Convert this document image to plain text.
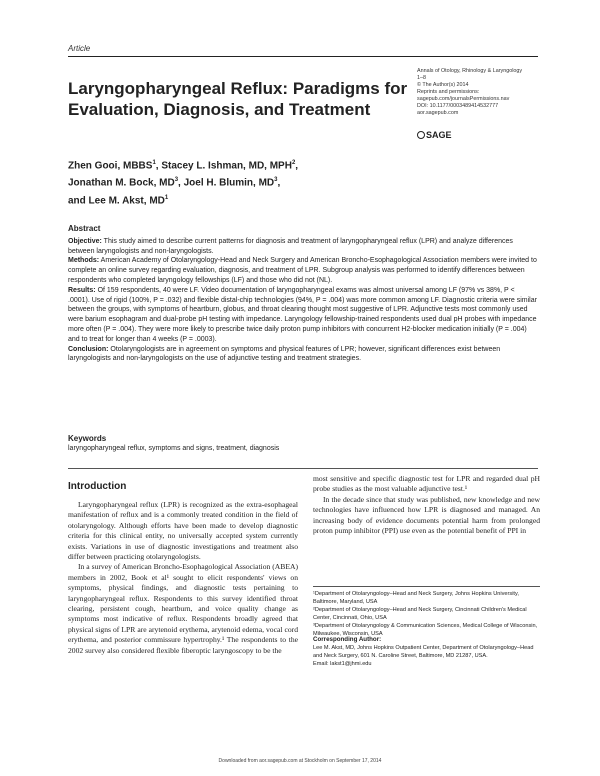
Article
Laryngopharyngeal Reflux: Paradigms for Evaluation, Diagnosis, and Treatment
Annals of Otology, Rhinology & Laryngology
1–8
© The Author(s) 2014
Reprints and permissions:
sagepub.com/journalsPermissions.nav
DOI: 10.1177/0003489414532777
aor.sagepub.com
SAGE
Zhen Gooi, MBBS$^1$, Stacey L. Ishman, MD, MPH$^2$,
Jonathan M. Bock, $MD^3$, Joel H. Blumin, $MD^3$,
and Lee M. Akst, $MD^1$
Abstract

Objective: This study aimed to describe current patterns for diagnosis and treatment of laryngopharyngeal reflux (LPR) and analyze differences between laryngologists and non-laryngologists.

Methods: American Academy of Otolaryngology-Head and Neck Surgery and American Broncho-Esophagological Association members were invited to complete an online survey regarding evaluation, diagnosis, and treatment of LPR. Subgroup analysis was performed to identify differences between respondents who completed laryngology fellowships (LF) and those who did not (NL).

Results: Of 159 respondents, 40 were LF. Video documentation of laryngopharyngeal exams was almost universal among LF (97% vs 38%, P < .0001). Use of rigid (100%, P = .032) and flexible distal-chip technologies (94%, P = .004) was more common among LF. Diagnostic criteria were similar between the groups, with symptoms of heartburn, globus, and throat clearing thought most suggestive of LPR. Adjunctive tests most commonly used were barium esophagram and dual-probe pH testing with impedance. Laryngology fellowship-trained respondents used dual pH probes with impedance more often (P = .004). They were more likely to prescribe twice daily proton pump inhibitors with concurrent H2-blocker medication initially (P = .004) and to treat for longer than 4 weeks (P = .0003).

Conclusion: Otolaryngologists are in agreement on symptoms and physical features of LPR; however, significant differences exist between laryngologists and non-laryngologists on the use of adjunctive testing and treatment strategies.

Keywords
laryngopharyngeal reflux, symptoms and signs, treatment, diagnosis
Introduction

Laryngopharyngeal reflux (LPR) is recognized as the extra-esophageal manifestation of reflux and is a commonly treated condition in the field of otolaryngology. Although efforts have been made to develop diagnostic criteria for this clinical entity, no universally accepted system currently exists. Variations in use of diagnostic investigations and treatment also differ between practicing otolaryngologists.

In a survey of American Broncho-Esophagological Association (ABEA) members in 2002, Book et al¹ sought to elicit respondents' views on symptoms, physical findings, and diagnostic tests pertaining to laryngopharyngeal reflux. Respondents to this survey identified throat clearing, persistent cough, heartburn, and voice quality change as symptoms most indicative of reflux. Respondents broadly agreed that physical signs of LPR are arytenoid erythema, arytenoid edema, vocal cord erythema, and posterior commissure hypertrophy.¹ The respondents to the 2002 survey also considered flexible fiberoptic laryngoscopy to be the

most sensitive and specific diagnostic test for LPR and regarded dual pH probe studies as the most valuable adjunctive test.¹

In the decade since that study was published, new knowledge and new technologies have influenced how LPR is diagnosed and managed. An increasing body of evidence documents potential harm from prolonged proton pump inhibitor (PPI) use even as the potential benefit of PPI in

¹Department of Otolaryngology–Head and Neck Surgery, Johns Hopkins University, Baltimore, Maryland, USA

²Department of Otolaryngology–Head and Neck Surgery, Cincinnati Children's Medical Center, Cincinnati, Ohio, USA

³Department of Otolaryngology & Communication Sciences, Medical College of Wisconsin, Milwaukee, Wisconsin, USA

Corresponding Author:
Lee M. Akst, MD, Johns Hopkins Outpatient Center, Department of Otolaryngology–Head and Neck Surgery, 601 N. Caroline Street, Baltimore, MD 21287, USA.
Email: lakst1@jhmi.edu
Downloaded from aor.sagepub.com at Stockholm on September 17, 2014
